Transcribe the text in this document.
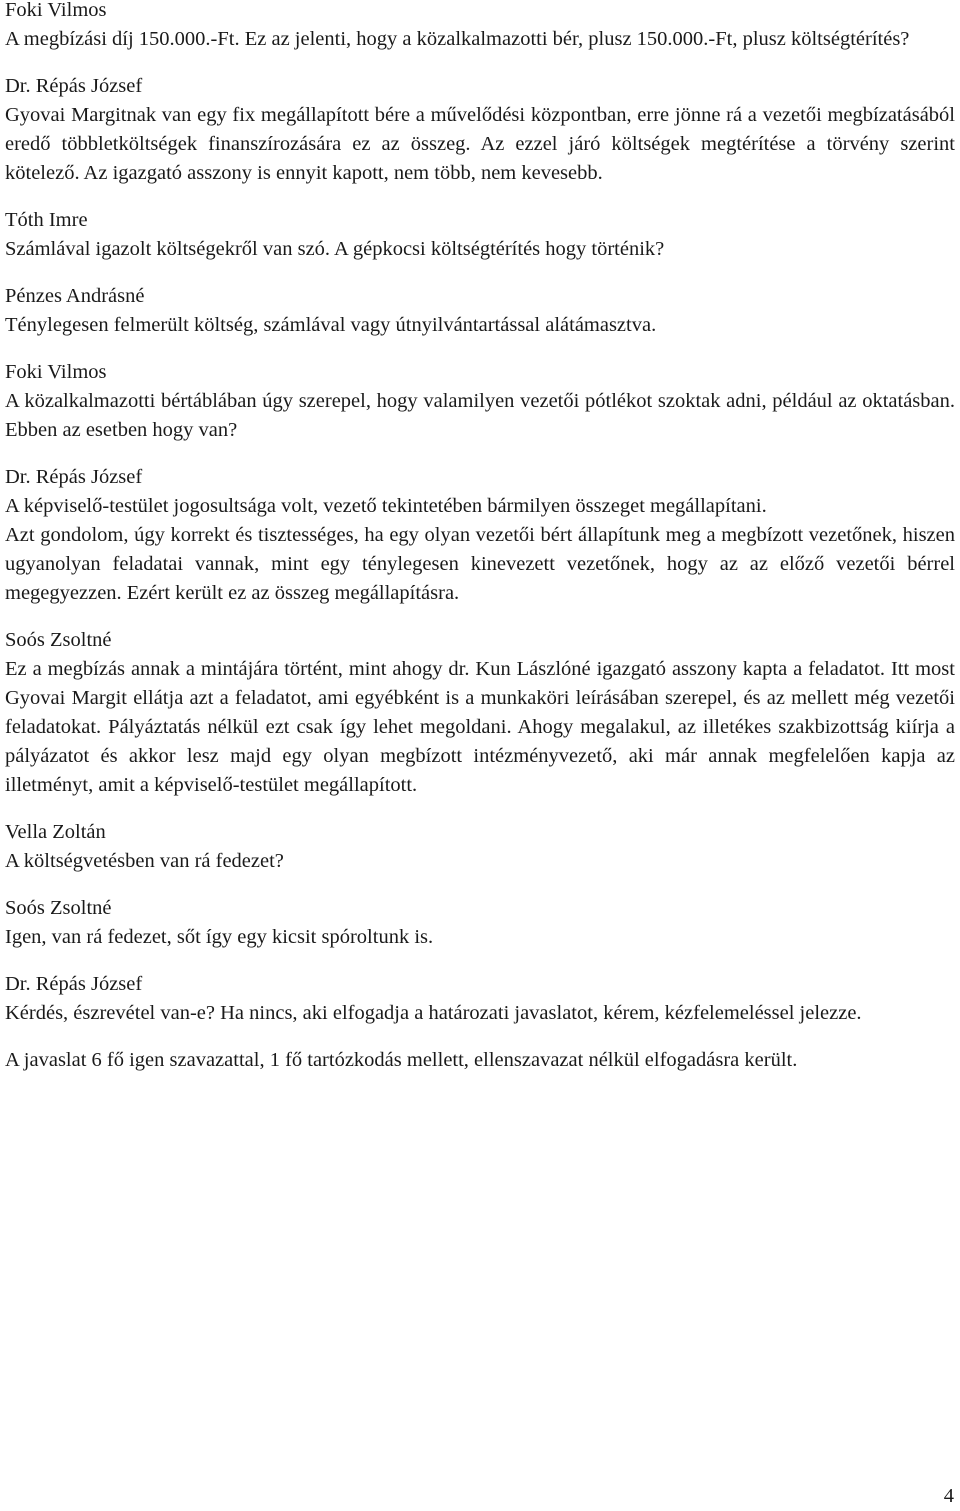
Foki Vilmos
A megbízási díj 150.000.-Ft. Ez az jelenti, hogy a közalkalmazotti bér, plusz 150.000.-Ft, plusz költségtérítés?
Dr. Répás József
Gyovai Margitnak van egy fix megállapított bére a művelődési központban, erre jönne rá a vezetői megbízatásából eredő többletköltségek finanszírozására ez az összeg. Az ezzel járó költségek megtérítése a törvény szerint kötelező. Az igazgató asszony is ennyit kapott, nem több, nem kevesebb.
Tóth Imre
Számlával igazolt költségekről van szó. A gépkocsi költségtérítés hogy történik?
Pénzes Andrásné
Ténylegesen felmerült költség, számlával vagy útnyilvántartással alátámasztva.
Foki Vilmos
A közalkalmazotti bértáblában úgy szerepel, hogy valamilyen vezetői pótlékot szoktak adni, például az oktatásban. Ebben az esetben hogy van?
Dr. Répás József
A képviselő-testület jogosultsága volt, vezető tekintetében bármilyen összeget megállapítani.
Azt gondolom, úgy korrekt és tisztességes, ha egy olyan vezetői bért állapítunk meg a megbízott vezetőnek, hiszen ugyanolyan feladatai vannak, mint egy ténylegesen kinevezett vezetőnek, hogy az az előző vezetői bérrel megegyezzen. Ezért került ez az összeg megállapításra.
Soós Zsoltné
Ez a megbízás annak a mintájára történt, mint ahogy dr. Kun Lászlóné igazgató asszony kapta a feladatot. Itt most Gyovai Margit ellátja azt a feladatot, ami egyébként is a munkaköri leírásában szerepel, és az mellett még vezetői feladatokat. Pályáztatás nélkül ezt csak így lehet megoldani. Ahogy megalakul, az illetékes szakbizottság kiírja a pályázatot és akkor lesz majd egy olyan megbízott intézményvezető, aki már annak megfelelően kapja az illetményt, amit a képviselő-testület megállapított.
Vella Zoltán
A költségvetésben van rá fedezet?
Soós Zsoltné
Igen, van rá fedezet, sőt így egy kicsit spóroltunk is.
Dr. Répás József
Kérdés, észrevétel van-e? Ha nincs, aki elfogadja a határozati javaslatot, kérem, kézfelemeléssel jelezze.
A javaslat 6 fő igen szavazattal, 1 fő tartózkodás mellett, ellenszavazat nélkül elfogadásra került.
4
